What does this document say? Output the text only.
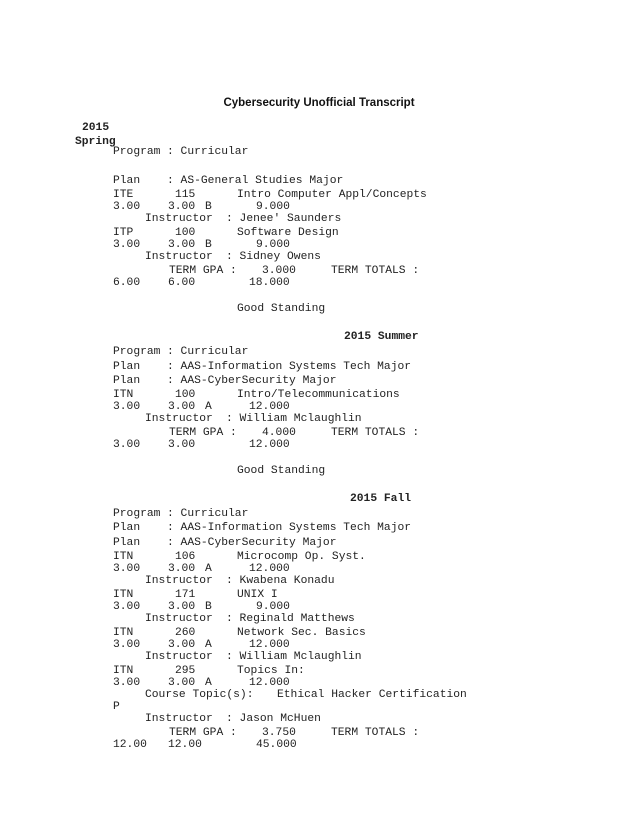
Cybersecurity Unofficial Transcript
2015
Spring
Program : Curricular
Plan : AS-General Studies Major
ITE	115	Intro Computer Appl/Concepts
3.00 3.00 B	9.000
Instructor : Jenee' Saunders
ITP	100	Software Design
3.00 3.00 B	9.000
Instructor : Sidney Owens
TERM GPA : 3.000	TERM TOTALS :
6.00 6.00	18.000
Good Standing
2015 Summer
Program : Curricular
Plan : AAS-Information Systems Tech Major
Plan : AAS-CyberSecurity Major
ITN	100	Intro/Telecommunications
3.00 3.00 A	12.000
Instructor : William Mclaughlin
TERM GPA : 4.000	TERM TOTALS :
3.00 3.00	12.000
Good Standing
2015 Fall
Program : Curricular
Plan : AAS-Information Systems Tech Major
Plan : AAS-CyberSecurity Major
ITN	106	Microcomp Op. Syst.
3.00 3.00 A	12.000
Instructor : Kwabena Konadu
ITN	171	UNIX I
3.00 3.00 B	9.000
Instructor : Reginald Matthews
ITN	260	Network Sec. Basics
3.00 3.00 A	12.000
Instructor : William Mclaughlin
ITN	295	Topics In:
3.00 3.00 A	12.000
Course Topic(s): Ethical Hacker Certification
P
Instructor : Jason McHuen
TERM GPA : 3.750	TERM TOTALS :
12.00 12.00	45.000
